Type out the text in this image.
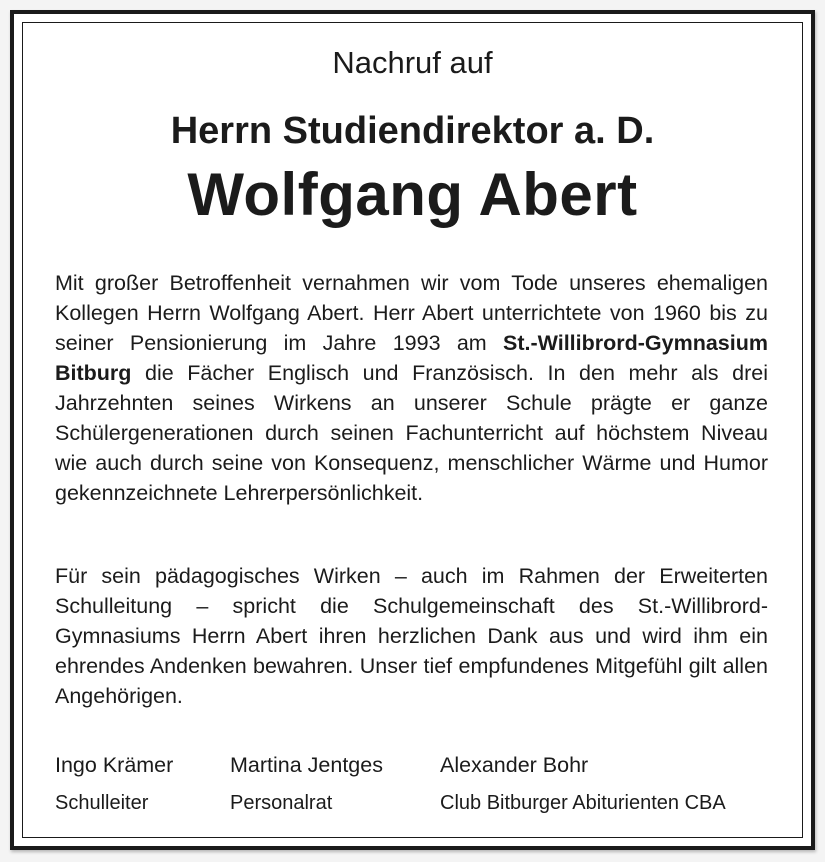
Nachruf auf
Herrn Studiendirektor a. D.
Wolfgang Abert

Mit großer Betroffenheit vernahmen wir vom Tode unseres ehemaligen Kollegen Herrn Wolfgang Abert. Herr Abert unterrichtete von 1960 bis zu seiner Pensionierung im Jahre 1993 am St.-Willibrord-Gymnasium Bitburg die Fächer Englisch und Französisch. In den mehr als drei Jahrzehnten seines Wirkens an unserer Schule prägte er ganze Schülergenerationen durch seinen Fachunterricht auf höchstem Niveau wie auch durch seine von Konsequenz, menschlicher Wärme und Humor gekennzeichnete Lehrerpersönlichkeit.

Für sein pädagogisches Wirken – auch im Rahmen der Erweiterten Schulleitung – spricht die Schulgemeinschaft des St.-Willibrord-Gymnasiums Herrn Abert ihren herzlichen Dank aus und wird ihm ein ehrendes Andenken bewahren. Unser tief empfundenes Mitgefühl gilt allen Angehörigen.

Ingo Krämer
Schulleiter
Martina Jentges
Personalrat
Alexander Bohr
Club Bitburger Abiturienten CBA
